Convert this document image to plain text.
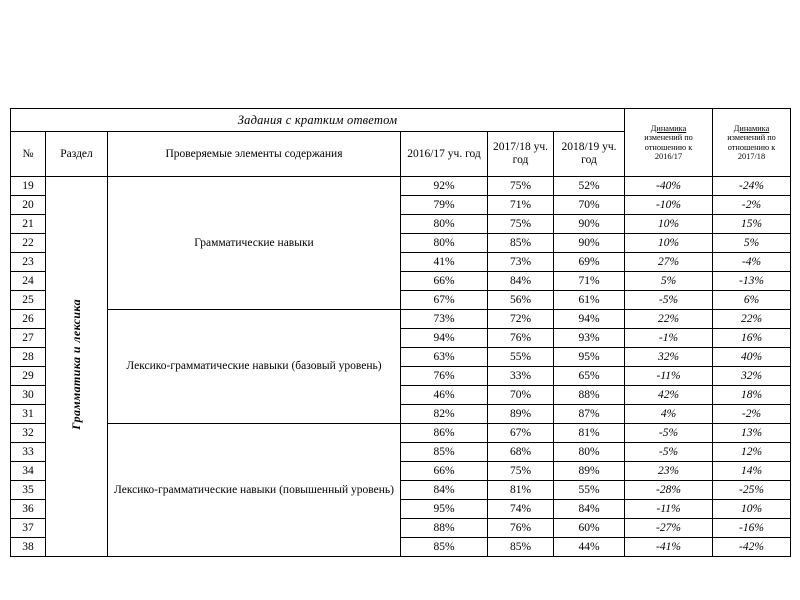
Задания с кратким ответом	
Динамика
изменений по отношению к
2016/17

Динамика
изменений по отношению к
2017/18

№	Раздел	Проверяемые элементы содержания	2016/17 уч. год	2017/18 уч. год	2018/19 уч. год		
19	Грамматика и лексика	Грамматические навыки	92%	75%	52%	-40%	-24%
20			79%	71%	70%	-10%	-2%
21			80%	75%	90%	10%	15%
22			80%	85%	90%	10%	5%
23			41%	73%	69%	27%	-4%
24			66%	84%	71%	5%	-13%
25			67%	56%	61%	-5%	6%
26		Лексико-грамматические навыки (базовый уровень)	73%	72%	94%	22%	22%
27			94%	76%	93%	-1%	16%
28			63%	55%	95%	32%	40%
29			76%	33%	65%	-11%	32%
30			46%	70%	88%	42%	18%
31			82%	89%	87%	4%	-2%
32		Лексико-грамматические навыки (повышенный уровень)	86%	67%	81%	-5%	13%
33			85%	68%	80%	-5%	12%
34			66%	75%	89%	23%	14%
35			84%	81%	55%	-28%	-25%
36			95%	74%	84%	-11%	10%
37			88%	76%	60%	-27%	-16%
38			85%	85%	44%	-41%	-42%
